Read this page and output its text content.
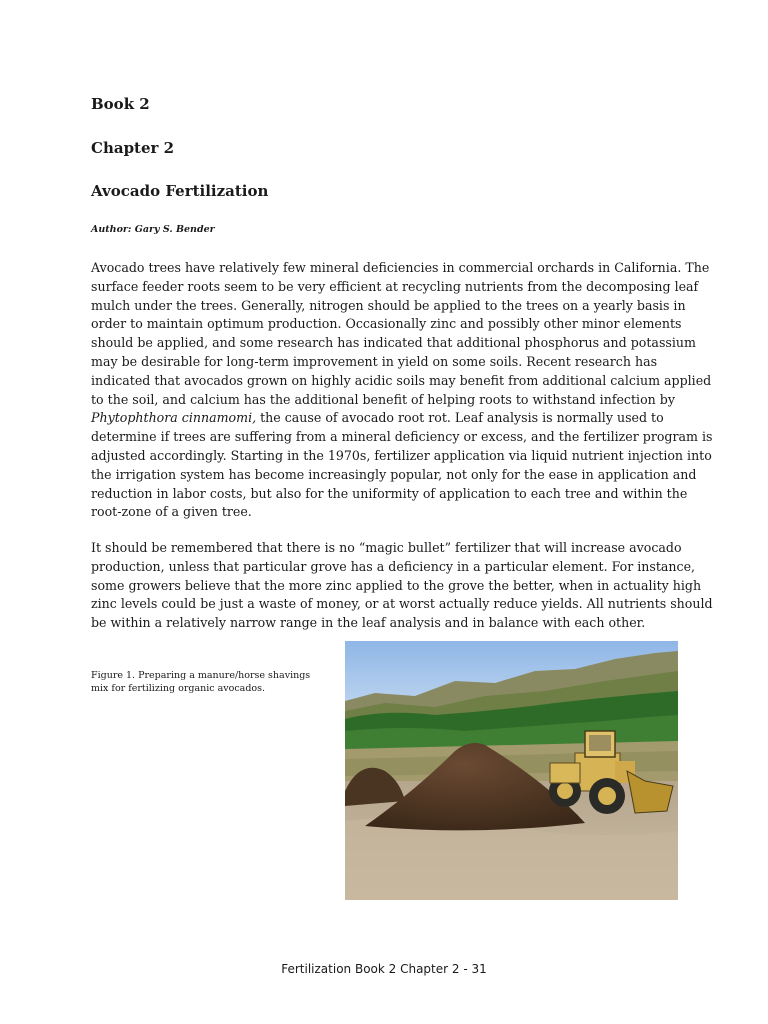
Book 2
Chapter 2
Avocado Fertilization

Author: Gary S. Bender

Avocado trees have relatively few mineral deficiencies in commercial orchards in California. The
surface feeder roots seem to be very efficient at recycling nutrients from the decomposing leaf
mulch under the trees. Generally, nitrogen should be applied to the trees on a yearly basis in
order to maintain optimum production. Occasionally zinc and possibly other minor elements
should be applied, and some research has indicated that additional phosphorus and potassium
may be desirable for long-term improvement in yield on some soils. Recent research has
indicated that avocados grown on highly acidic soils may benefit from additional calcium applied
to the soil, and calcium has the additional benefit of helping roots to withstand infection by
Phytophthora cinnamomi, the cause of avocado root rot. Leaf analysis is normally used to
determine if trees are suffering from a mineral deficiency or excess, and the fertilizer program is
adjusted accordingly. Starting in the 1970s, fertilizer application via liquid nutrient injection into
the irrigation system has become increasingly popular, not only for the ease in application and
reduction in labor costs, but also for the uniformity of application to each tree and within the
root-zone of a given tree.

It should be remembered that there is no “magic bullet” fertilizer that will increase avocado
production, unless that particular grove has a deficiency in a particular element. For instance,
some growers believe that the more zinc applied to the grove the better, when in actuality high
zinc levels could be just a waste of money, or at worst actually reduce yields. All nutrients should
be within a relatively narrow range in the leaf analysis and in balance with each other.

Figure 1. Preparing a manure/horse shavings
mix for fertilizing organic avocados.

Fertilization Book 2 Chapter 2 - 31
